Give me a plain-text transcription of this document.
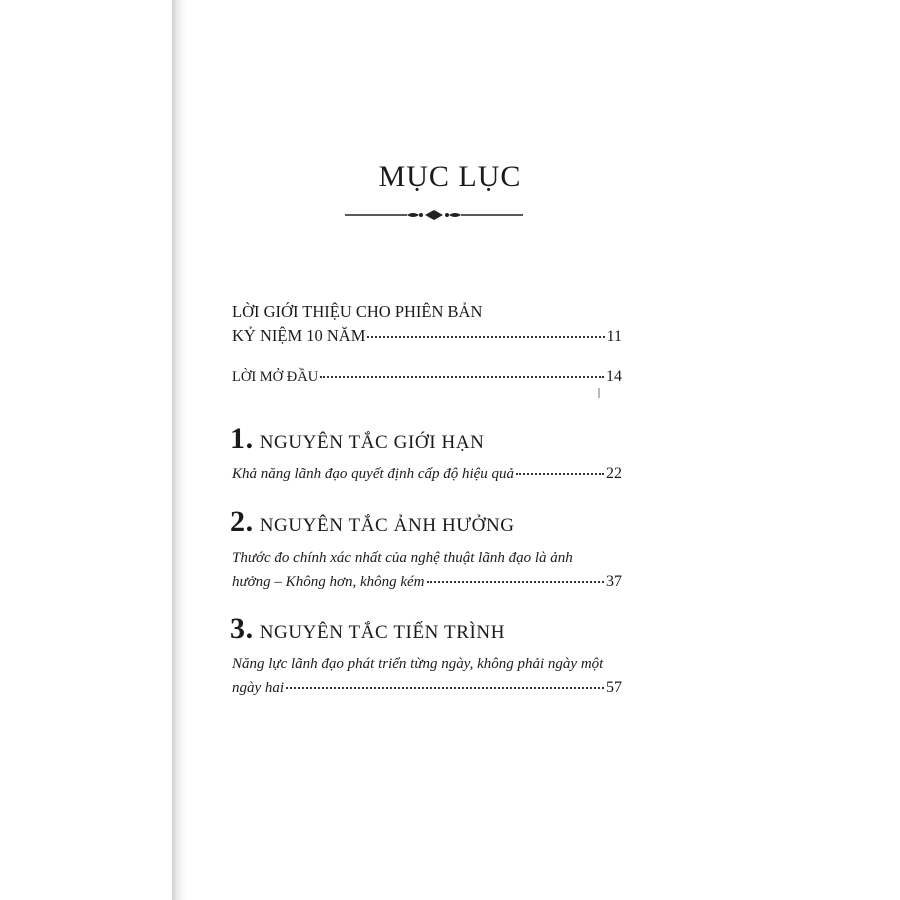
MỤC LỤC
LỜI GIỚI THIỆU CHO PHIÊN BẢN
KỶ NIỆM 10 NĂM	11
LỜI MỞ ĐẦU	14
1. NGUYÊN TẮC GIỚI HẠN
Khả năng lãnh đạo quyết định cấp độ hiệu quả	22
2. NGUYÊN TẮC ẢNH HƯỞNG
Thước đo chính xác nhất của nghệ thuật lãnh đạo là ảnh
hưởng – Không hơn, không kém	37
3. NGUYÊN TẮC TIẾN TRÌNH
Năng lực lãnh đạo phát triển từng ngày, không phải ngày một
ngày hai	57
